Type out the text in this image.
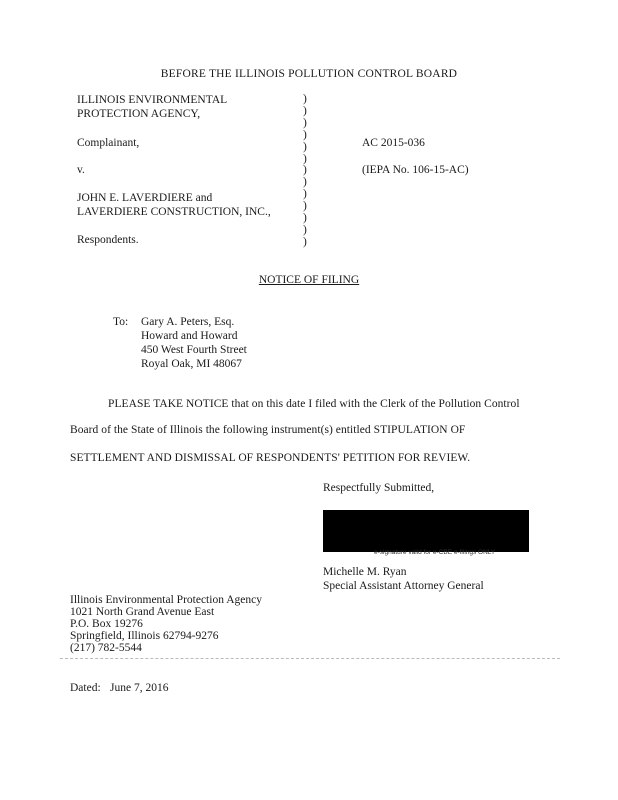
BEFORE THE ILLINOIS POLLUTION CONTROL BOARD
ILLINOIS ENVIRONMENTAL
PROTECTION AGENCY,
Complainant,
v.
JOHN E. LAVERDIERE and
LAVERDIERE CONSTRUCTION, INC.,
Respondents.
)
)
)
)
)
)
)
)
)
)
)
)
)
AC 2015-036
(IEPA No. 106-15-AC)
NOTICE OF FILING
To: Gary A. Peters, Esq.
Howard and Howard
450 West Fourth Street
Royal Oak, MI 48067
PLEASE TAKE NOTICE that on this date I filed with the Clerk of the Pollution Control
Board of the State of Illinois the following instrument(s) entitled STIPULATION OF
SETTLEMENT AND DISMISSAL OF RESPONDENTS' PETITION FOR REVIEW.
Respectfully Submitted,
e-signature valid for e-CBE e-filings ONLY
Michelle M. Ryan
Special Assistant Attorney General
Illinois Environmental Protection Agency
1021 North Grand Avenue East
P.O. Box 19276
Springfield, Illinois 62794-9276
(217) 782-5544
Dated: June 7, 2016
